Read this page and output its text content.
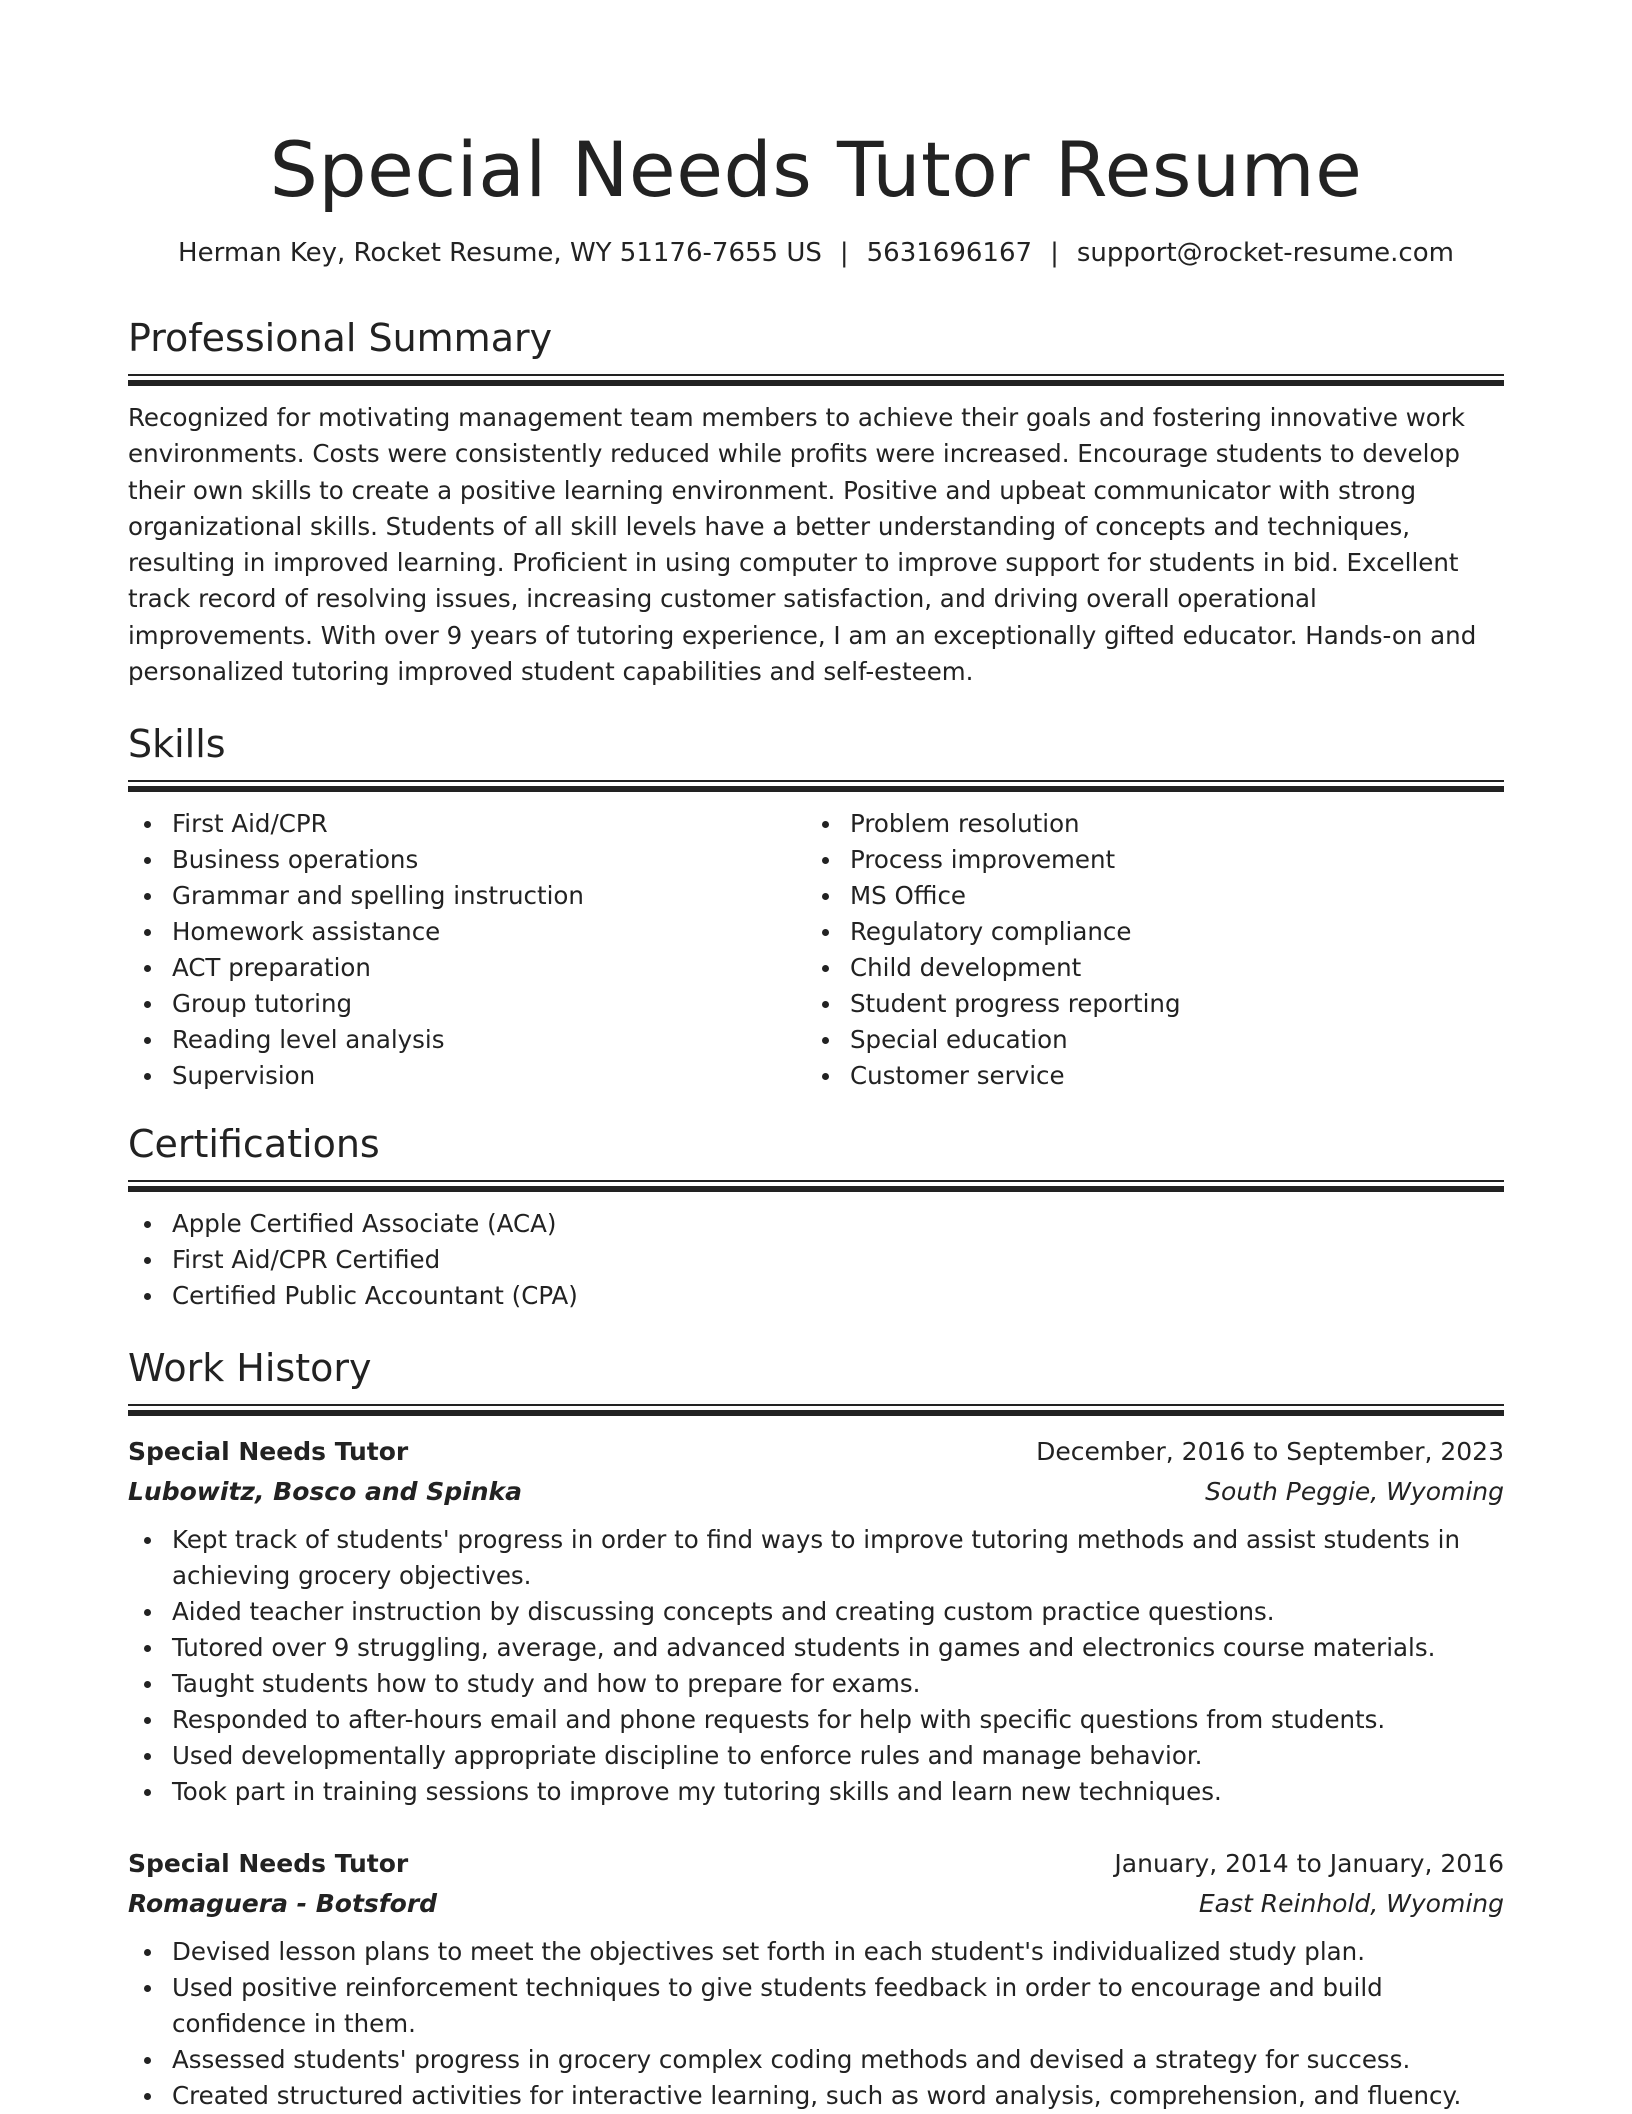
Special Needs Tutor Resume
Herman Key, Rocket Resume, WY 51176-7655 US | 5631696167 | support@rocket-resume.com
Professional Summary

Recognized for motivating management team members to achieve their goals and fostering innovative work environments. Costs were consistently reduced while profits were increased. Encourage students to develop their own skills to create a positive learning environment. Positive and upbeat communicator with strong organizational skills. Students of all skill levels have a better understanding of concepts and techniques, resulting in improved learning. Proficient in using computer to improve support for students in bid. Excellent track record of resolving issues, increasing customer satisfaction, and driving overall operational improvements. With over 9 years of tutoring experience, I am an exceptionally gifted educator. Hands-on and personalized tutoring improved student capabilities and self-esteem.

Skills
First Aid/CPR
Business operations
Grammar and spelling instruction
Homework assistance
ACT preparation
Group tutoring
Reading level analysis
Supervision
Problem resolution
Process improvement
MS Office
Regulatory compliance
Child development
Student progress reporting
Special education
Customer service
Certifications
Apple Certified Associate (ACA)
First Aid/CPR Certified
Certified Public Accountant (CPA)
Work History
Special Needs Tutor	December, 2016 to September, 2023
Lubowitz, Bosco and Spinka	South Peggie, Wyoming
Kept track of students' progress in order to find ways to improve tutoring methods and assist students in achieving grocery objectives.
Aided teacher instruction by discussing concepts and creating custom practice questions.
Tutored over 9 struggling, average, and advanced students in games and electronics course materials.
Taught students how to study and how to prepare for exams.
Responded to after-hours email and phone requests for help with specific questions from students.
Used developmentally appropriate discipline to enforce rules and manage behavior.
Took part in training sessions to improve my tutoring skills and learn new techniques.
Special Needs Tutor	January, 2014 to January, 2016
Romaguera - Botsford	East Reinhold, Wyoming
Devised lesson plans to meet the objectives set forth in each student's individualized study plan.
Used positive reinforcement techniques to give students feedback in order to encourage and build confidence in them.
Assessed students' progress in grocery complex coding methods and devised a strategy for success.
Created structured activities for interactive learning, such as word analysis, comprehension, and fluency.
